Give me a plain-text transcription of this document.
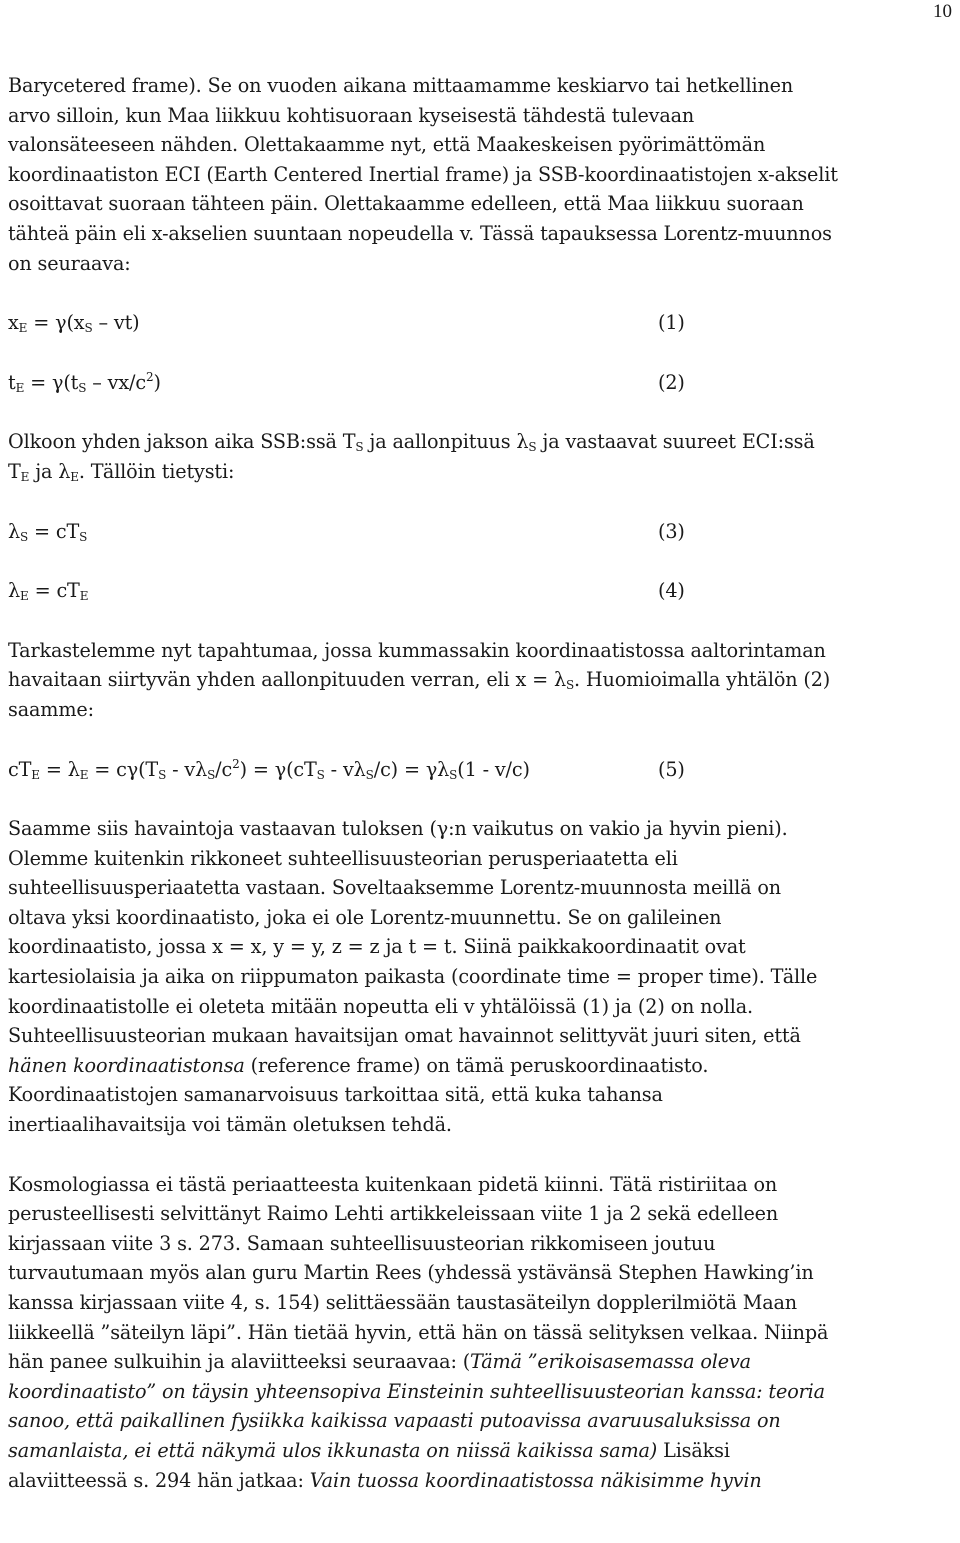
10

Barycetered frame). Se on vuoden aikana mittaamamme keskiarvo tai hetkellinen arvo silloin, kun Maa liikkuu kohtisuoraan kyseisestä tähdestä tulevaan valonsäteeseen nähden. Olettakaamme nyt, että Maakeskeisen pyörimättömän koordinaatiston ECI (Earth Centered Inertial frame) ja SSB-koordinaatistojen x-akselit osoittavat suoraan tähteen päin. Olettakaamme edelleen, että Maa liikkuu suoraan tähteä päin eli x-akselien suuntaan nopeudella v. Tässä tapauksessa Lorentz-muunnos on seuraava:

$x_E = \gamma(x_S - vt)$	(1)
$t_E = \gamma(t_S - vx/c^2)$	(2)

Olkoon yhden jakson aika SSB:ssä $T_S$ ja aallonpituus $\lambda_S$ ja vastaavat suureet ECI:ssä $T_E$ ja $\lambda_E$. Tällöin tietysti:

$\lambda_S = cT_S$	(3)
$\lambda_E = cT_E$	(4)

Tarkastelemme nyt tapahtumaa, jossa kummassakin koordinaatistossa aaltorintaman havaitaan siirtyvän yhden aallonpituuden verran, eli $x = \lambda_S$. Huomioimalla yhtälön (2) saamme:

$cT_E = \lambda_E = c\gamma(T_S - v\lambda_S/c^2) = \gamma(cT_S - v\lambda_S/c) = \gamma\lambda_S(1 - v/c)$	(5)

Saamme siis havaintoja vastaavan tuloksen (γ:n vaikutus on vakio ja hyvin pieni). Olemme kuitenkin rikkoneet suhteellisuusteorian perusperiaatetta eli suhteellisuusperiaatetta vastaan. Soveltaaksemme Lorentz-muunnosta meillä on oltava yksi koordinaatisto, joka ei ole Lorentz-muunnettu. Se on galileinen koordinaatisto, jossa x = x, y = y, z = z ja t = t. Siinä paikkakoordinaatit ovat kartesiolaisia ja aika on riippumaton paikasta (coordinate time = proper time). Tälle koordinaatistolle ei oleteta mitään nopeutta eli v yhtälöissä (1) ja (2) on nolla. Suhteellisuusteorian mukaan havaitsijan omat havainnot selittyvät juuri siten, että hänen koordinaatistonsa (reference frame) on tämä peruskoordinaatisto. Koordinaatistojen samanarvoisuus tarkoittaa sitä, että kuka tahansa inertiaalihavaitsija voi tämän oletuksen tehdä.

Kosmologiassa ei tästä periaatteesta kuitenkaan pidetä kiinni. Tätä ristiriitaa on perusteellisesti selvittänyt Raimo Lehti artikkeleissaan viite 1 ja 2 sekä edelleen kirjassaan viite 3 s. 273. Samaan suhteellisuusteorian rikkomiseen joutuu turvautumaan myös alan guru Martin Rees (yhdessä ystävänsä Stephen Hawking’in kanssa kirjassaan viite 4, s. 154) selittäessään taustasäteilyn dopplerilmiötä Maan liikkeellä ”säteilyn läpi”. Hän tietää hyvin, että hän on tässä selityksen velkaa. Niinpä hän panee sulkuihin ja alaviitteeksi seuraavaa: (Tämä ”erikoisasemassa oleva koordinaatisto” on täysin yhteensopiva Einsteinin suhteellisuusteorian kanssa: teoria sanoo, että paikallinen fysiikka kaikissa vapaasti putoavissa avaruusaluksissa on samanlaista, ei että näkymä ulos ikkunasta on niissä kaikissa sama) Lisäksi alaviitteessä s. 294 hän jatkaa: Vain tuossa koordinaatistossa näkisimme hyvin
